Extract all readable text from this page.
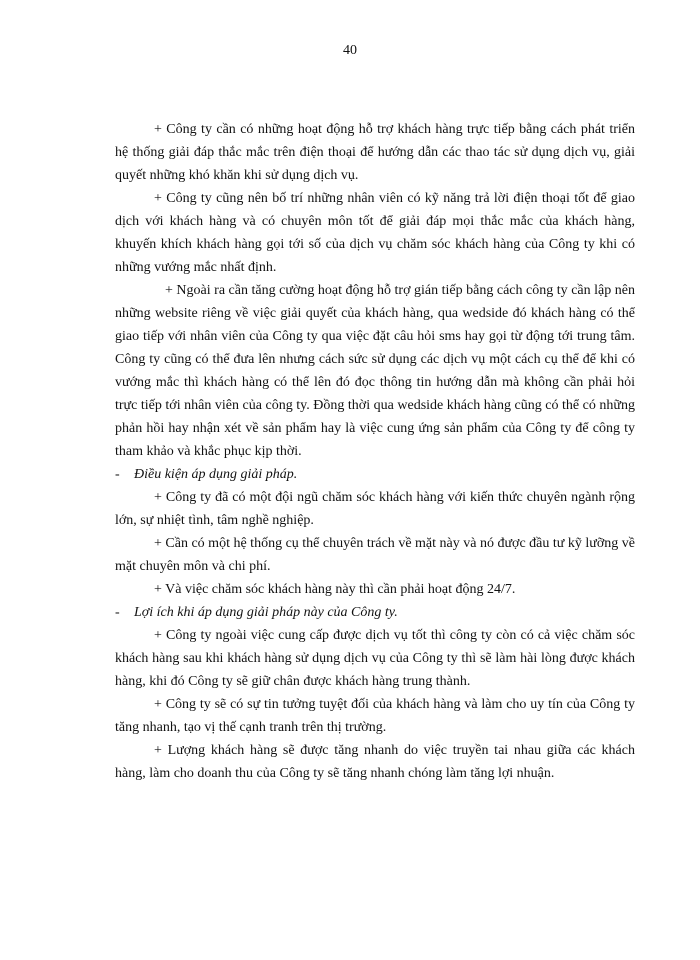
40

+ Công ty cần có những hoạt động hỗ trợ khách hàng trực tiếp bằng cách phát triển hệ thống giải đáp thắc mắc trên điện thoại để hướng dẫn các thao tác sử dụng dịch vụ, giải quyết những khó khăn khi sử dụng dịch vụ.

+ Công ty cũng nên bố trí những nhân viên có kỹ năng trả lời điện thoại tốt để giao dịch với khách hàng và có chuyên môn tốt để giải đáp mọi thắc mắc của khách hàng, khuyến khích khách hàng gọi tới số của dịch vụ chăm sóc khách hàng của Công ty khi có những vướng mắc nhất định.

+ Ngoài ra cần tăng cường hoạt động hỗ trợ gián tiếp bằng cách công ty cần lập nên những website riêng về việc giải quyết của khách hàng, qua wedside đó khách hàng có thể giao tiếp với nhân viên của Công ty qua việc đặt câu hỏi sms hay gọi từ động tới trung tâm. Công ty cũng có thể đưa lên nhưng cách sức sử dụng các dịch vụ một cách cụ thể để khi có vướng mắc thì khách hàng có thể lên đó đọc thông tin hướng dẫn mà không cần phải hỏi trực tiếp tới nhân viên của công ty. Đồng thời qua wedside khách hàng cũng có thể có những phản hồi hay nhận xét về sản phẩm hay là việc cung ứng sản phẩm của Công ty để công ty tham khảo và khắc phục kịp thời.

- Điều kiện áp dụng giải pháp.

+ Công ty đã có một đội ngũ chăm sóc khách hàng với kiến thức chuyên ngành rộng lớn, sự nhiệt tình, tâm nghề nghiệp.

+ Cần có một hệ thống cụ thể chuyên trách về mặt này và nó được đầu tư kỹ lưỡng về mặt chuyên môn và chi phí.

+ Và việc chăm sóc khách hàng này thì cần phải hoạt động 24/7.

- Lợi ích khi áp dụng giải pháp này của Công ty.

+ Công ty ngoài việc cung cấp được dịch vụ tốt thì công ty còn có cả việc chăm sóc khách hàng sau khi khách hàng sử dụng dịch vụ của Công ty thì sẽ làm hài lòng được khách hàng, khi đó Công ty sẽ giữ chân được khách hàng trung thành.

+ Công ty sẽ có sự tin tưởng tuyệt đối của khách hàng và làm cho uy tín của Công ty tăng nhanh, tạo vị thế cạnh tranh trên thị trường.

+ Lượng khách hàng sẽ được tăng nhanh do việc truyền tai nhau giữa các khách hàng, làm cho doanh thu của Công ty sẽ tăng nhanh chóng làm tăng lợi nhuận.
